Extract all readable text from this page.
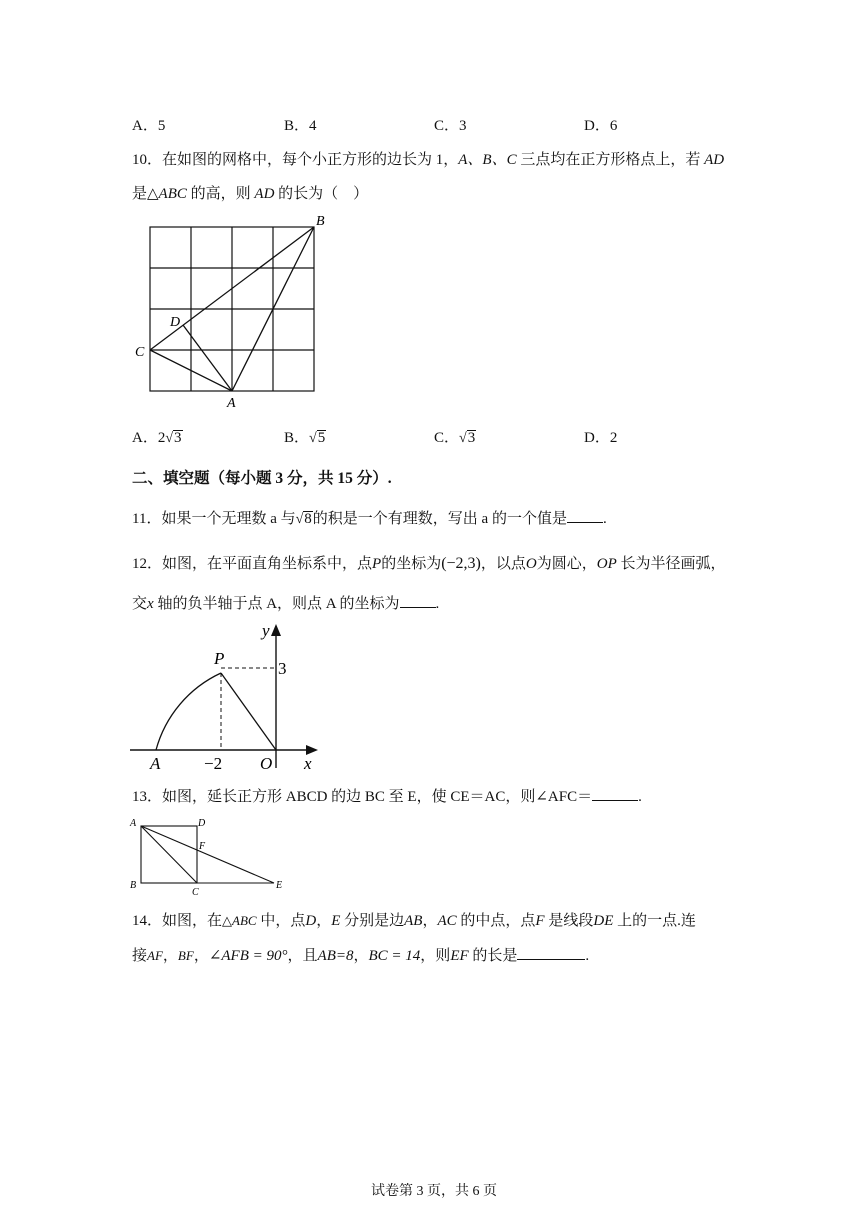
A．5	B．4	C．3	D．6
10．在如图的网格中，每个小正方形的边长为 1，A、B、C 三点均在正方形格点上，若 AD
是△ABC 的高，则 AD 的长为（　）
B
D
C
A
A．2√3	B．√5	C．√3	D．2
二、填空题（每小题 3 分，共 15 分）.
11．如果一个无理数 a 与√8的积是一个有理数，写出 a 的一个值是 .
12．如图，在平面直角坐标系中，点P的坐标为(−2,3)，以点O为圆心，OP 长为半径画弧，
交x 轴的负半轴于点 A，则点 A 的坐标为 .
y
P
3
A	−2 O x
13．如图，延长正方形 ABCD 的边 BC 至 E，使 CE＝AC，则∠AFC＝	.
A	D
F
B
C
E
14．如图，在△ABC 中，点D，E 分别是边AB，AC 的中点，点F 是线段DE 上的一点.连
接AF，BF，∠AFB = 90°，且AB=8，BC = 14，则EF 的长是	.
试卷第 3 页，共 6 页
